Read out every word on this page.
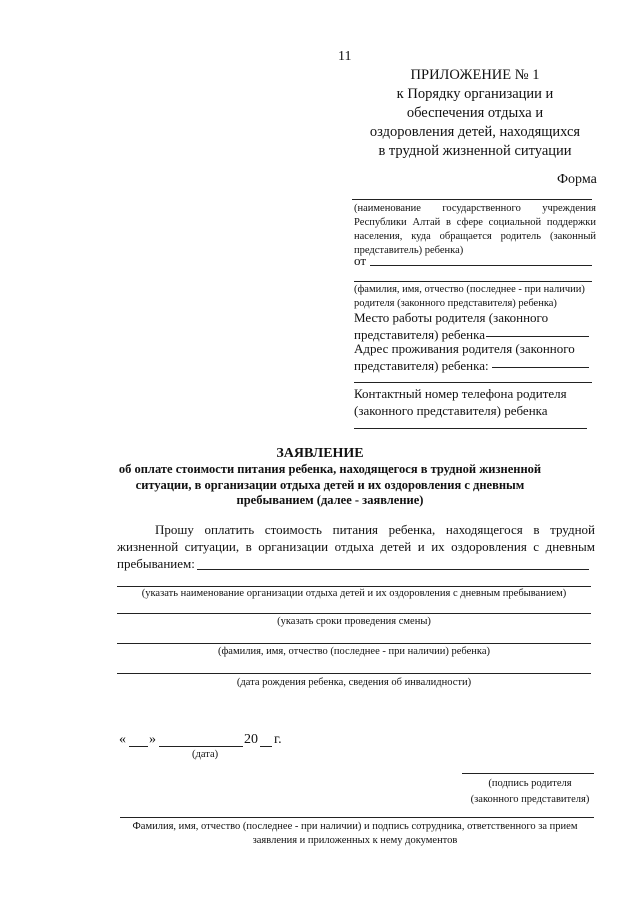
11
ПРИЛОЖЕНИЕ № 1
к Порядку организации и
обеспечения отдыха и
оздоровления детей, находящихся
в трудной жизненной ситуации
Форма
(наименование государственного учреждения
Республики Алтай в сфере социальной поддержки
населения, куда обращается родитель (законный
представитель) ребенка)
от
(фамилия, имя, отчество (последнее - при наличии)
родителя (законного представителя) ребенка)
Место работы родителя (законного
представителя) ребенка
Адрес проживания родителя (законного
представителя) ребенка:
Контактный номер телефона родителя
(законного представителя) ребенка
ЗАЯВЛЕНИЕ
об оплате стоимости питания ребенка, находящегося в трудной жизненной
ситуации, в организации отдыха детей и их оздоровления с дневным
пребыванием (далее - заявление)
Прошу оплатить стоимость питания ребенка, находящегося в трудной
жизненной ситуации, в организации отдыха детей и их оздоровления с дневным
пребыванием:
(указать наименование организации отдыха детей и их оздоровления с дневным пребыванием)
(указать сроки проведения смены)
(фамилия, имя, отчество (последнее - при наличии) ребенка)
(дата рождения ребенка, сведения об инвалидности)
« »	20 г.
(дата)
(подпись родителя
(законного представителя)
Фамилия, имя, отчество (последнее - при наличии) и подпись сотрудника, ответственного за прием
заявления и приложенных к нему документов
